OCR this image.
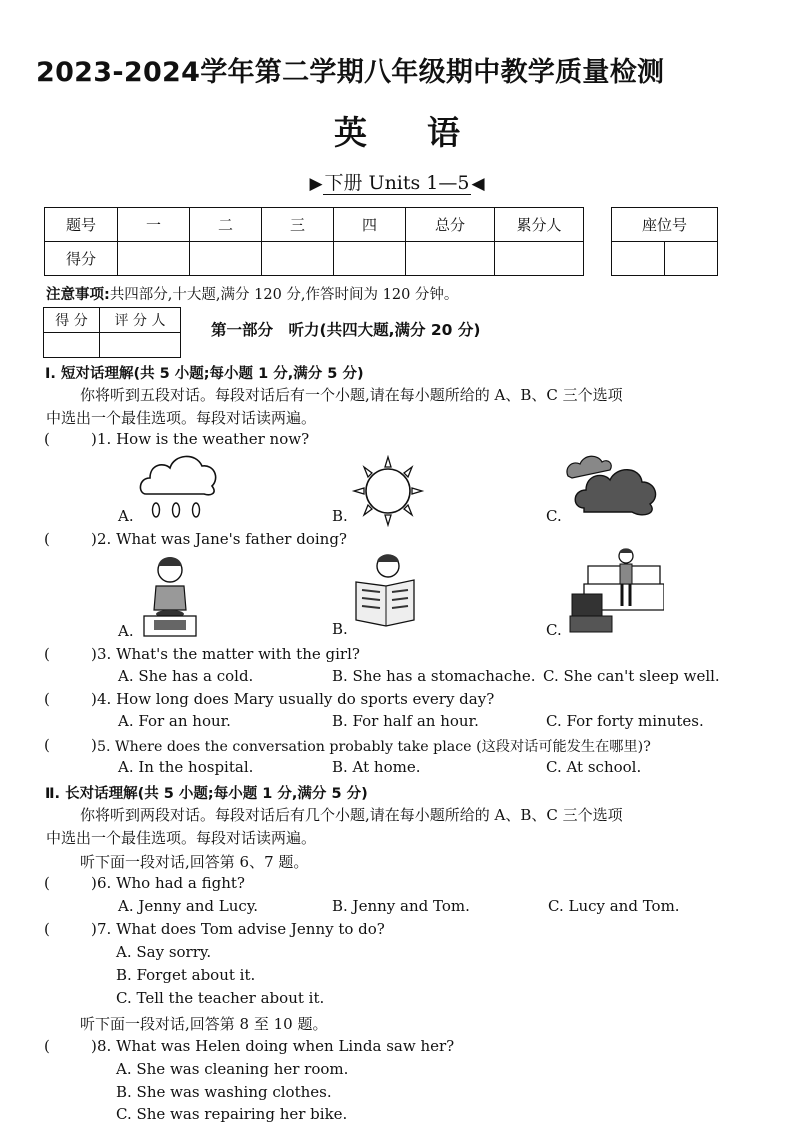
2023-2024学年第二学期八年级期中教学质量检测
英 语
▶ 下册 Units 1—5 ◀
题号	一	二	三	四	总分	累分人
得分						
座位号

注意事项:共四部分,十大题,满分 120 分,作答时间为 120 分钟。
得 分	评 分 人
		第一部分　听力(共四大题,满分 20 分)
Ⅰ. 短对话理解(共 5 小题;每小题 1 分,满分 5 分)
你将听到五段对话。每段对话后有一个小题,请在每小题所给的 A、B、C 三个选项
中选出一个最佳选项。每段对话读两遍。
(	) 1. How is the weather now?
A.	B.	C.
(	) 2. What was Jane's father doing?
A.	B.	C.
(	) 3. What's the matter with the girl?
A. She has a cold.	B. She has a stomachache. C. She can't sleep well.
(	) 4. How long does Mary usually do sports every day?
A. For an hour.	B. For half an hour.	C. For forty minutes.
(	) 5. Where does the conversation probably take place (这段对话可能发生在哪里)?
A. In the hospital.	B. At home.	C. At school.
Ⅱ. 长对话理解(共 5 小题;每小题 1 分,满分 5 分)
你将听到两段对话。每段对话后有几个小题,请在每小题所给的 A、B、C 三个选项
中选出一个最佳选项。每段对话读两遍。
听下面一段对话,回答第 6、7 题。
(	) 6. Who had a fight?
A. Jenny and Lucy.	B. Jenny and Tom.	C. Lucy and Tom.
(	) 7. What does Tom advise Jenny to do?
A. Say sorry.
B. Forget about it.
C. Tell the teacher about it.
听下面一段对话,回答第 8 至 10 题。
(	) 8. What was Helen doing when Linda saw her?
A. She was cleaning her room.
B. She was washing clothes.
C. She was repairing her bike.
